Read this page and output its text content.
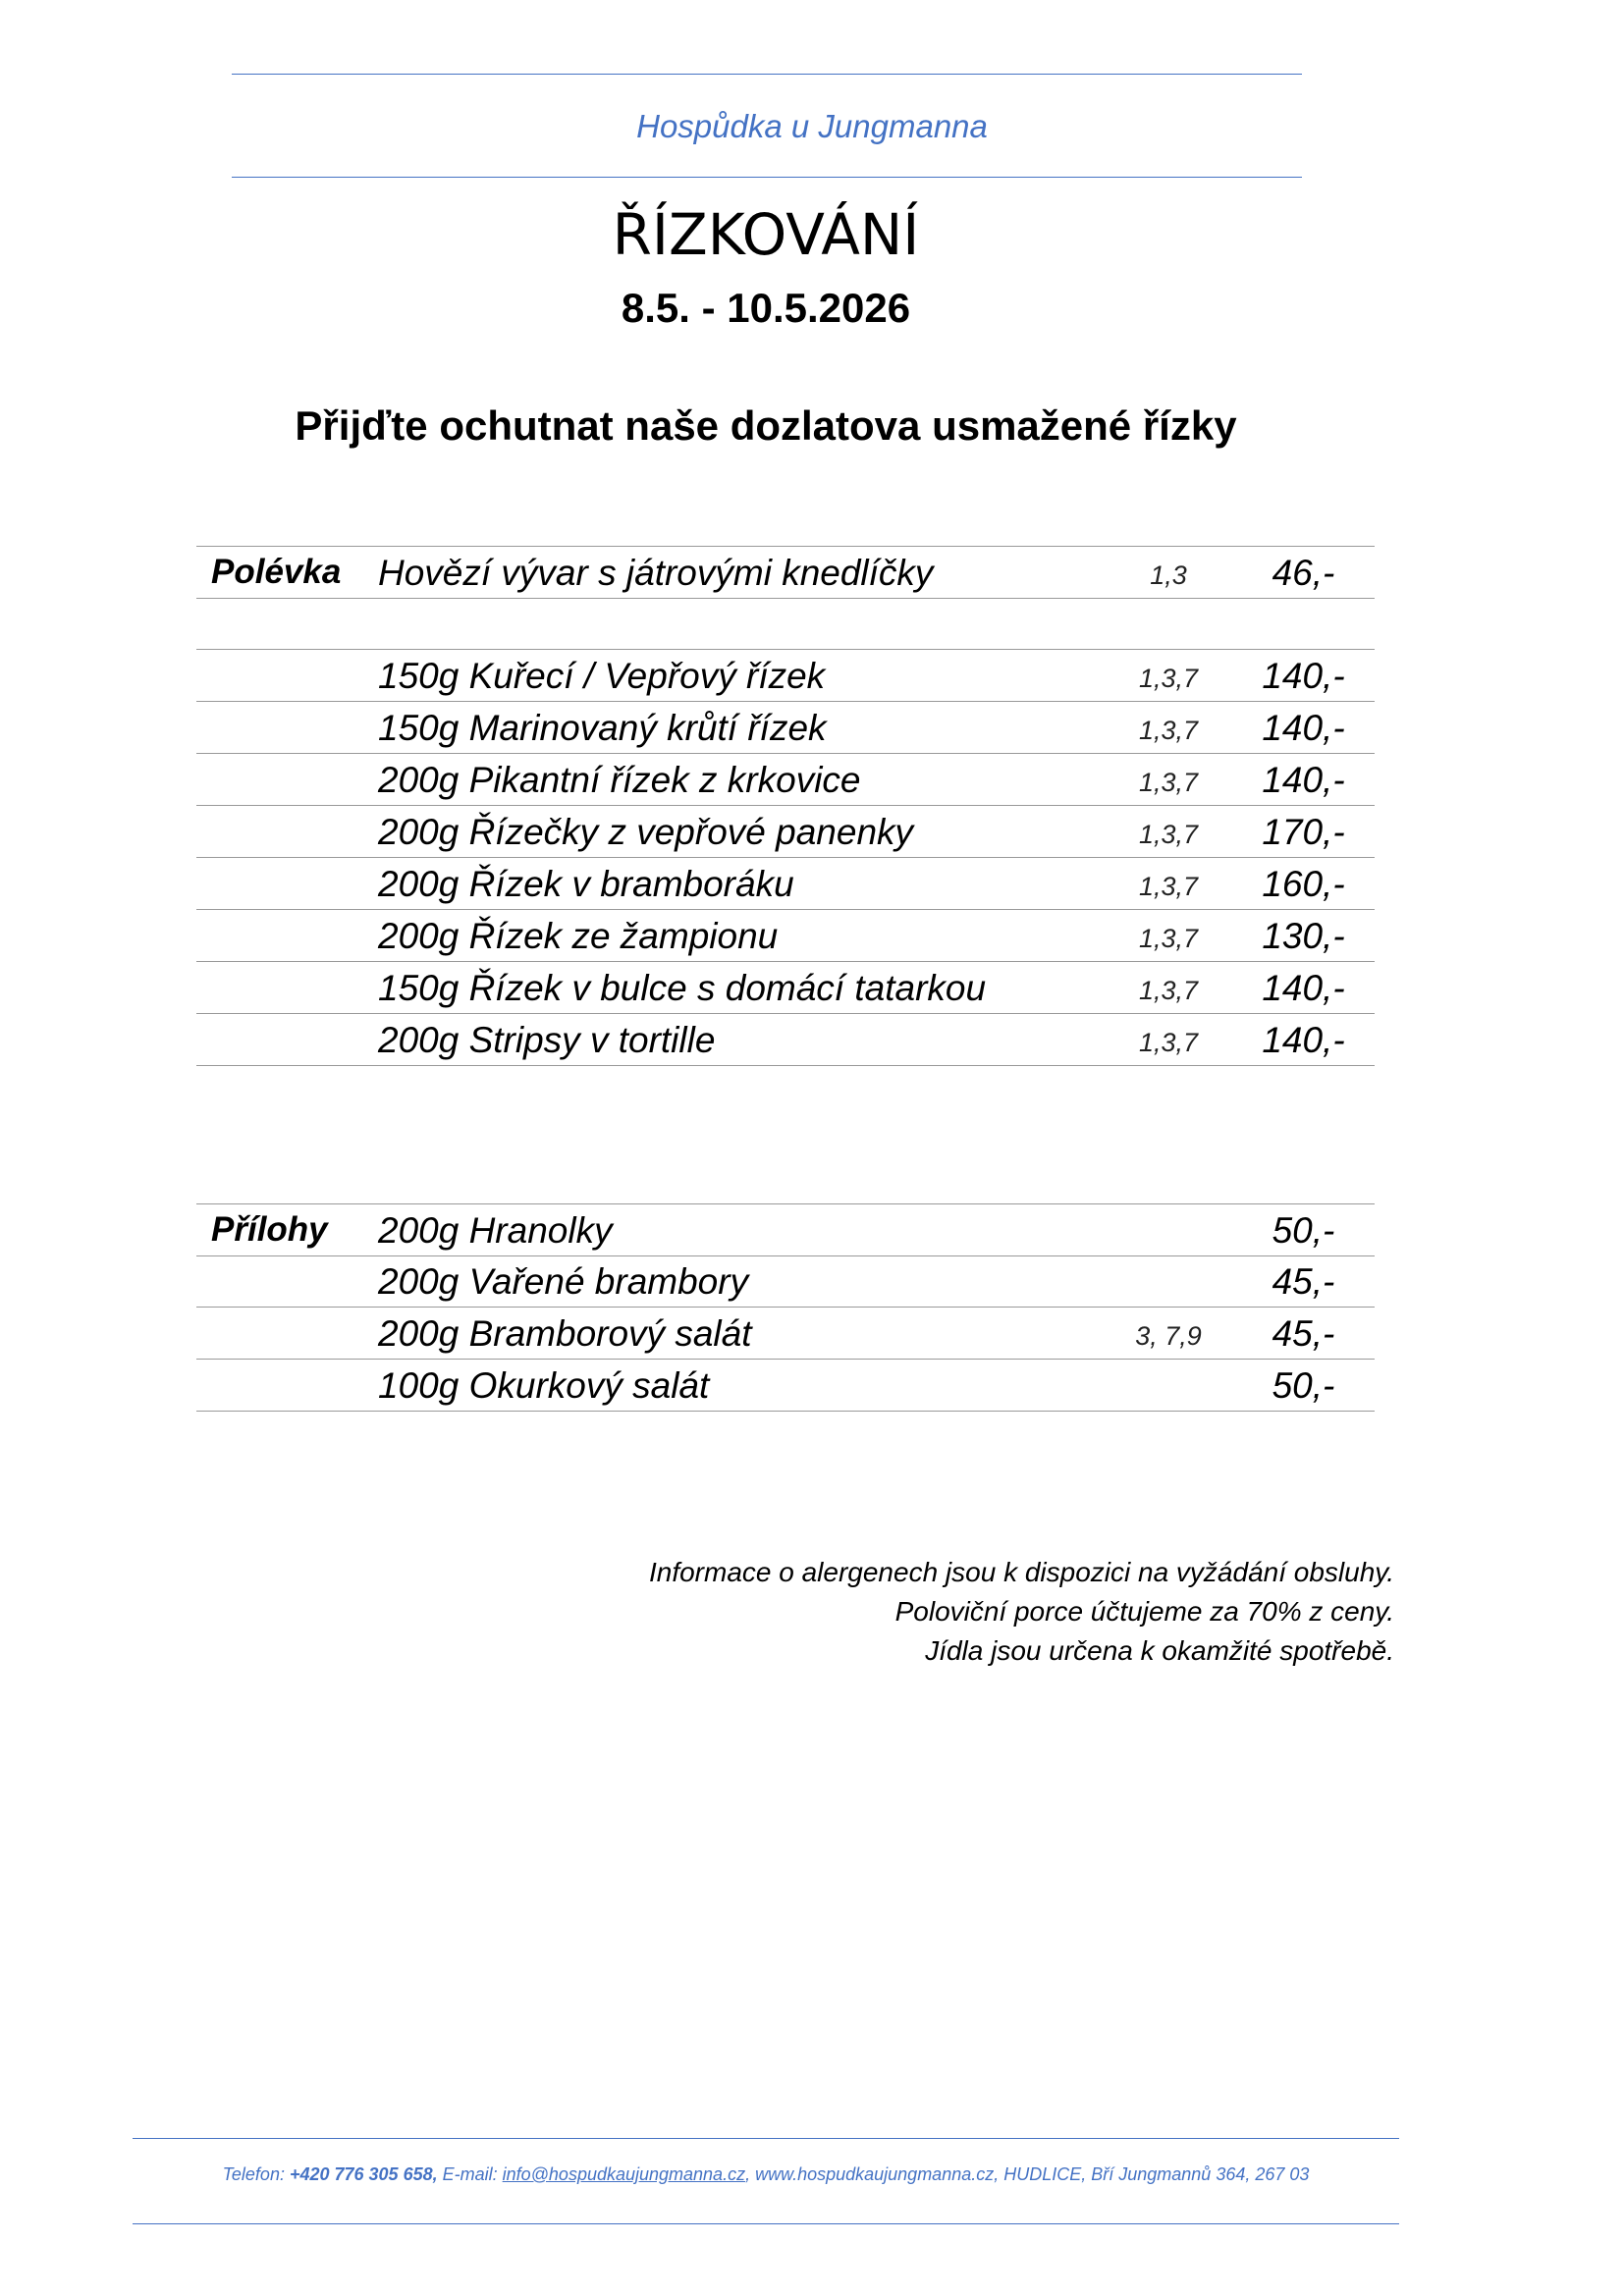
Hospůdka u Jungmanna
ŘÍZKOVÁNÍ
8.5. - 10.5.2026
Přijďte ochutnat naše dozlatova usmažené řízky
Polévka Hovězí vývar s játrovými knedlíčky	1,3	46,-
150g Kuřecí / Vepřový řízek	1,3,7	140,-
150g Marinovaný krůtí řízek	1,3,7	140,-
200g Pikantní řízek z krkovice	1,3,7	140,-
200g Řízečky z vepřové panenky	1,3,7	170,-
200g Řízek v bramboráku	1,3,7	160,-
200g Řízek ze žampionu	1,3,7	130,-
150g Řízek v bulce s domácí tatarkou	1,3,7	140,-
200g Stripsy v tortille	1,3,7	140,-
Přílohy 200g Hranolky	50,-
200g Vařené brambory	45,-
200g Bramborový salát	3, 7,9	45,-
100g Okurkový salát	50,-
Informace o alergenech jsou k dispozici na vyžádání obsluhy.
Poloviční porce účtujeme za 70% z ceny.
Jídla jsou určena k okamžité spotřebě.
Telefon: +420 776 305 658, E-mail: info@hospudkaujungmanna.cz, www.hospudkaujungmanna.cz, HUDLICE, Bří Jungmannů 364, 267 03
